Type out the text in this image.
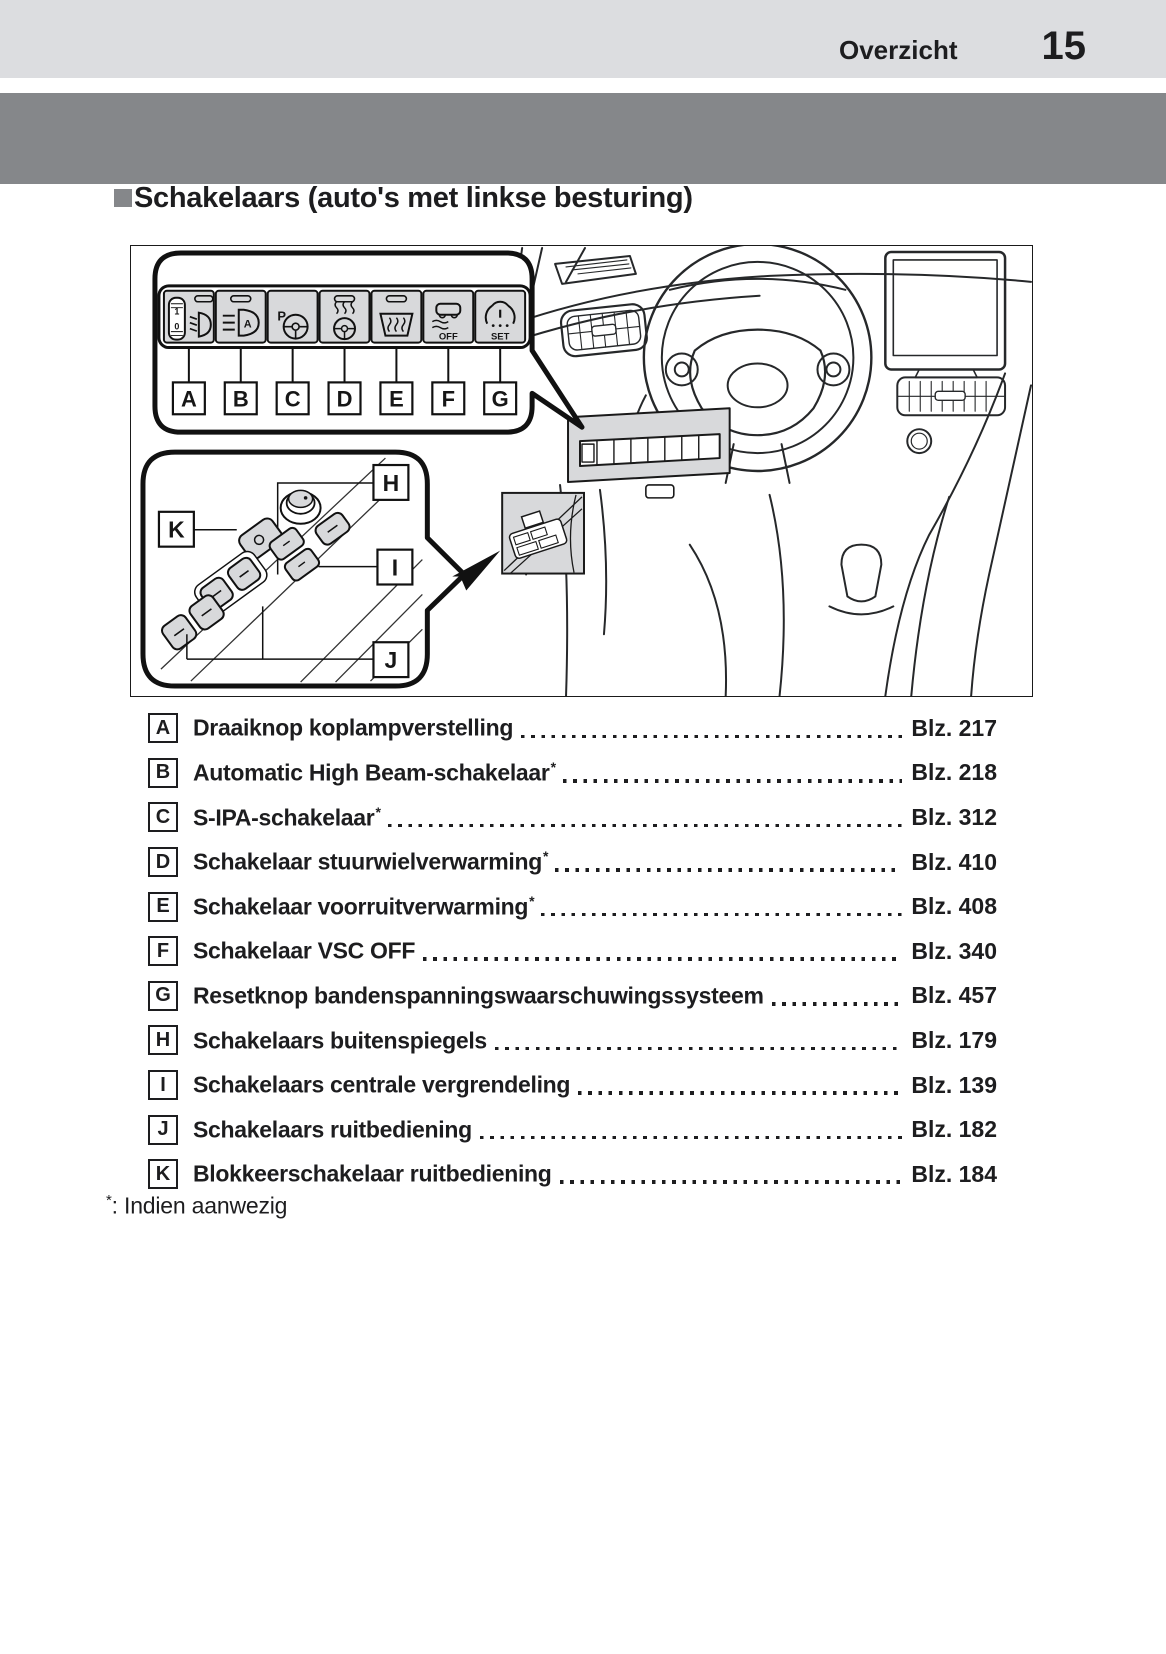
Overzicht 15
Schakelaars (auto's met linkse besturing)
1
0	A
P
OFF	SET
A B C D E F G
H
K
I
J
A Draaiknop koplampverstelling	Blz. 217
B Automatic High Beam-schakelaar*	Blz. 218
C S-IPA-schakelaar*	Blz. 312
D Schakelaar stuurwielverwarming*	Blz. 410
E	Schakelaar voorruitverwarming*	Blz. 408
F	Schakelaar VSC OFF	Blz. 340
G Resetknop bandenspanningswaarschuwingssysteem	Blz. 457
H Schakelaars buitenspiegels	Blz. 179
I	Schakelaars centrale vergrendeling	Blz. 139
J	Schakelaars ruitbediening	Blz. 182
K Blokkeerschakelaar ruitbediening	Blz. 184

*: Indien aanwezig
